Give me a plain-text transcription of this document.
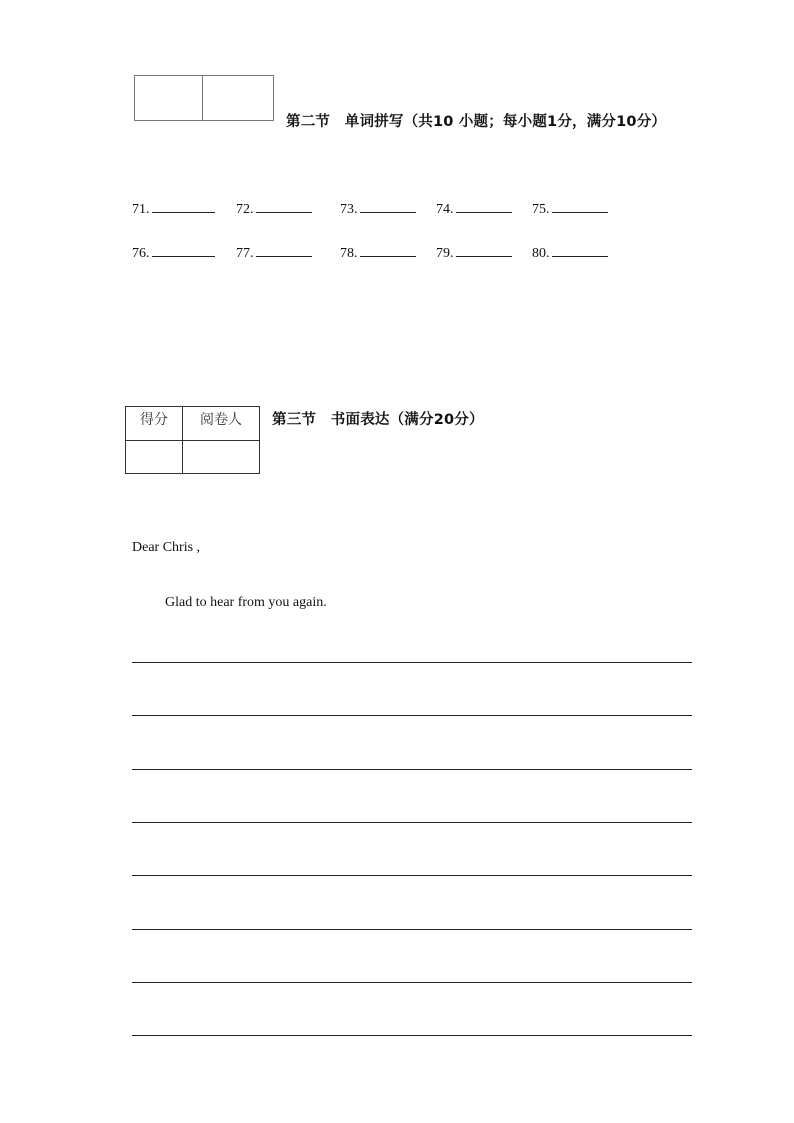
第二节　单词拼写（共10 小题；每小题1分，满分10分）
71.	72.	73.	74.	75.
76.	77.	78.	79.	80.
得分	阅卷人	第三节　书面表达（满分20分）
Dear Chris ,
Glad to hear from you again.
